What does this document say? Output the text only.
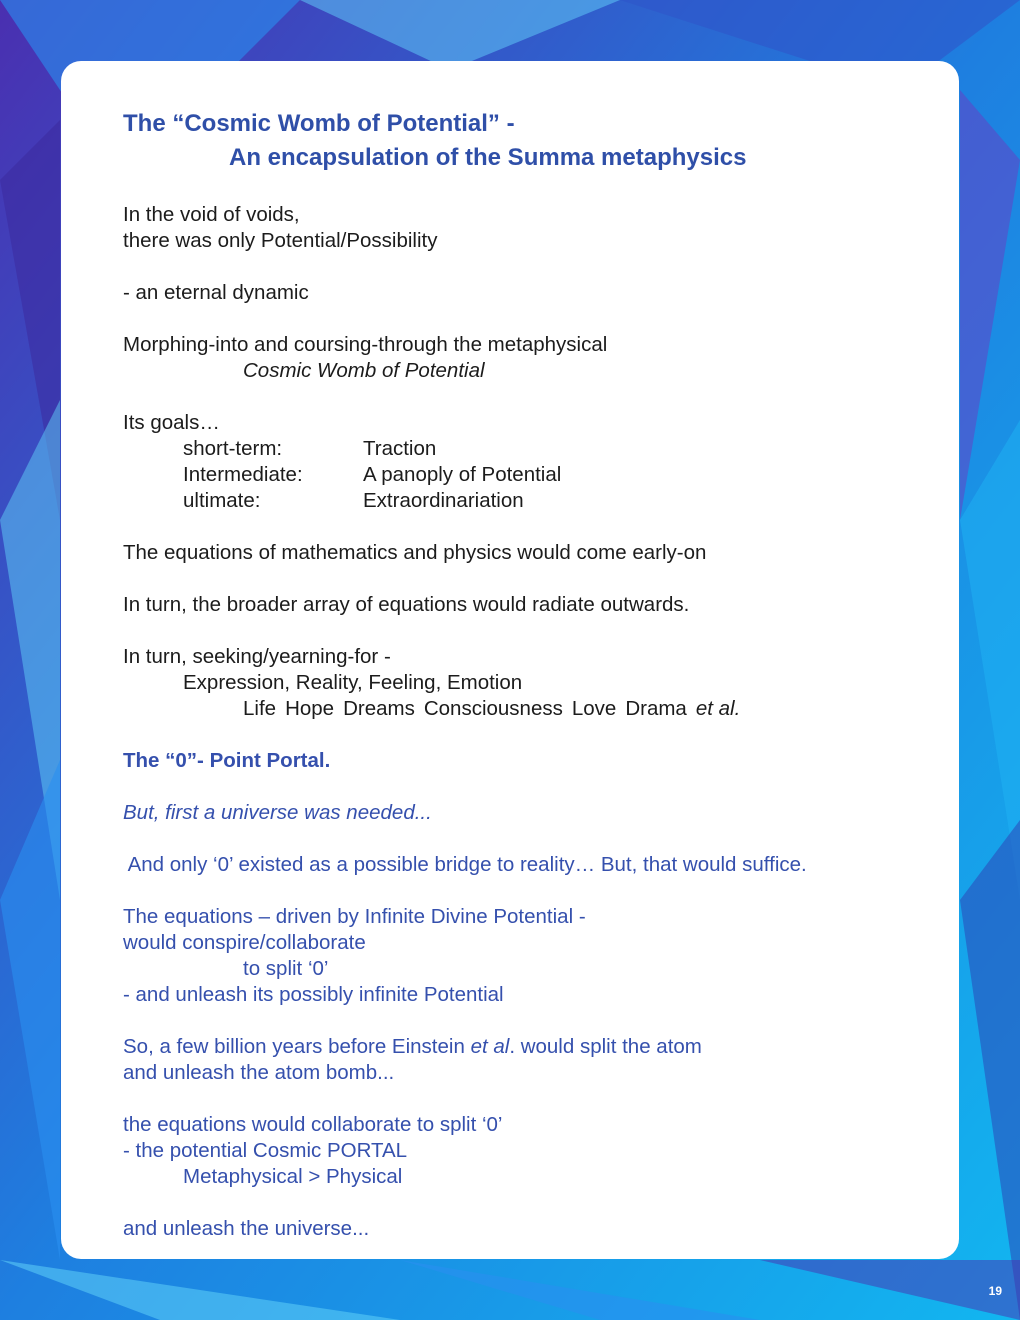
The “Cosmic Womb of Potential” -
An encapsulation of the Summa metaphysics
In the void of voids,
there was only Potential/Possibility
- an eternal dynamic
Morphing-into and coursing-through the metaphysical
Cosmic Womb of Potential
Its goals…
short-term:	Traction
Intermediate:	A panoply of Potential
ultimate:	Extraordinariation
The equations of mathematics and physics would come early-on
In turn, the broader array of equations would radiate outwards.
In turn, seeking/yearning-for -
Expression, Reality, Feeling, Emotion
Life Hope Dreams Consciousness Love Drama et al.
The “0”- Point Portal.
But, first a universe was needed...
And only ‘0’ existed as a possible bridge to reality… But, that would suffice.
The equations – driven by Infinite Divine Potential -
would conspire/collaborate
to split ‘0’
- and unleash its possibly infinite Potential
So, a few billion years before Einstein et al. would split the atom
and unleash the atom bomb...
the equations would collaborate to split ‘0’
- the potential Cosmic PORTAL
Metaphysical > Physical
and unleash the universe...
19
